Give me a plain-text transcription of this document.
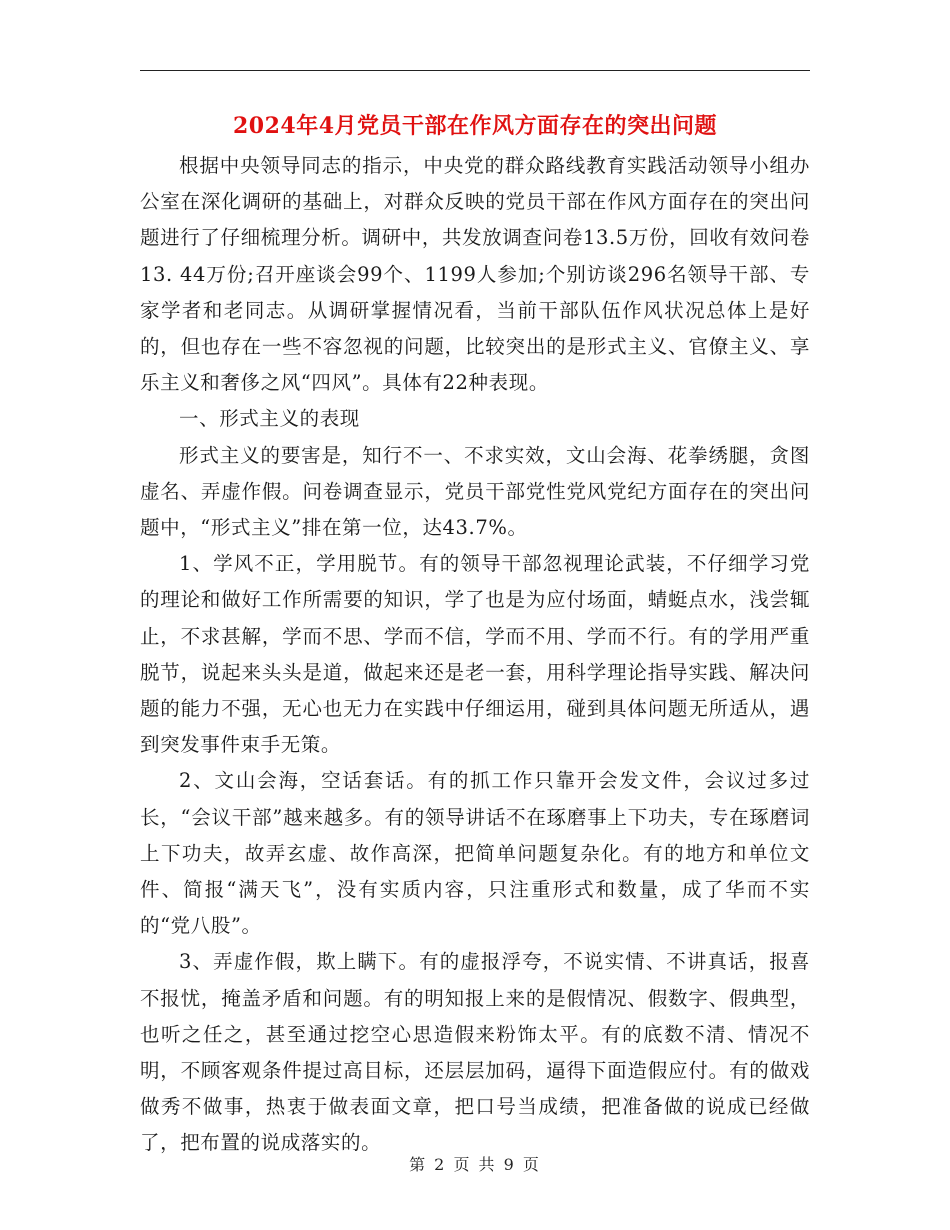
2024年4月党员干部在作风方面存在的突出问题

根据中央领导同志的指示，中央党的群众路线教育实践活动领导小组办公室在深化调研的基础上，对群众反映的党员干部在作风方面存在的突出问题进行了仔细梳理分析。调研中，共发放调查问卷13.5万份，回收有效问卷13. 44万份;召开座谈会99个、1199人参加;个别访谈296名领导干部、专家学者和老同志。从调研掌握情况看，当前干部队伍作风状况总体上是好的，但也存在一些不容忽视的问题，比较突出的是形式主义、官僚主义、享乐主义和奢侈之风“四风”。具体有22种表现。

一、形式主义的表现

形式主义的要害是，知行不一、不求实效，文山会海、花拳绣腿，贪图虚名、弄虚作假。问卷调查显示，党员干部党性党风党纪方面存在的突出问题中，“形式主义”排在第一位，达43.7%。

1、学风不正，学用脱节。有的领导干部忽视理论武装，不仔细学习党的理论和做好工作所需要的知识，学了也是为应付场面，蜻蜓点水，浅尝辄止，不求甚解，学而不思、学而不信，学而不用、学而不行。有的学用严重脱节，说起来头头是道，做起来还是老一套，用科学理论指导实践、解决问题的能力不强，无心也无力在实践中仔细运用，碰到具体问题无所适从，遇到突发事件束手无策。

2、文山会海，空话套话。有的抓工作只靠开会发文件，会议过多过长，“会议干部”越来越多。有的领导讲话不在琢磨事上下功夫，专在琢磨词上下功夫，故弄玄虚、故作高深，把简单问题复杂化。有的地方和单位文件、简报“满天飞”，没有实质内容，只注重形式和数量，成了华而不实的“党八股”。

3、弄虚作假，欺上瞒下。有的虚报浮夸，不说实情、不讲真话，报喜不报忧，掩盖矛盾和问题。有的明知报上来的是假情况、假数字、假典型，也听之任之，甚至通过挖空心思造假来粉饰太平。有的底数不清、情况不明，不顾客观条件提过高目标，还层层加码，逼得下面造假应付。有的做戏做秀不做事，热衷于做表面文章，把口号当成绩，把准备做的说成已经做了，把布置的说成落实的。

第 2 页 共 9 页
